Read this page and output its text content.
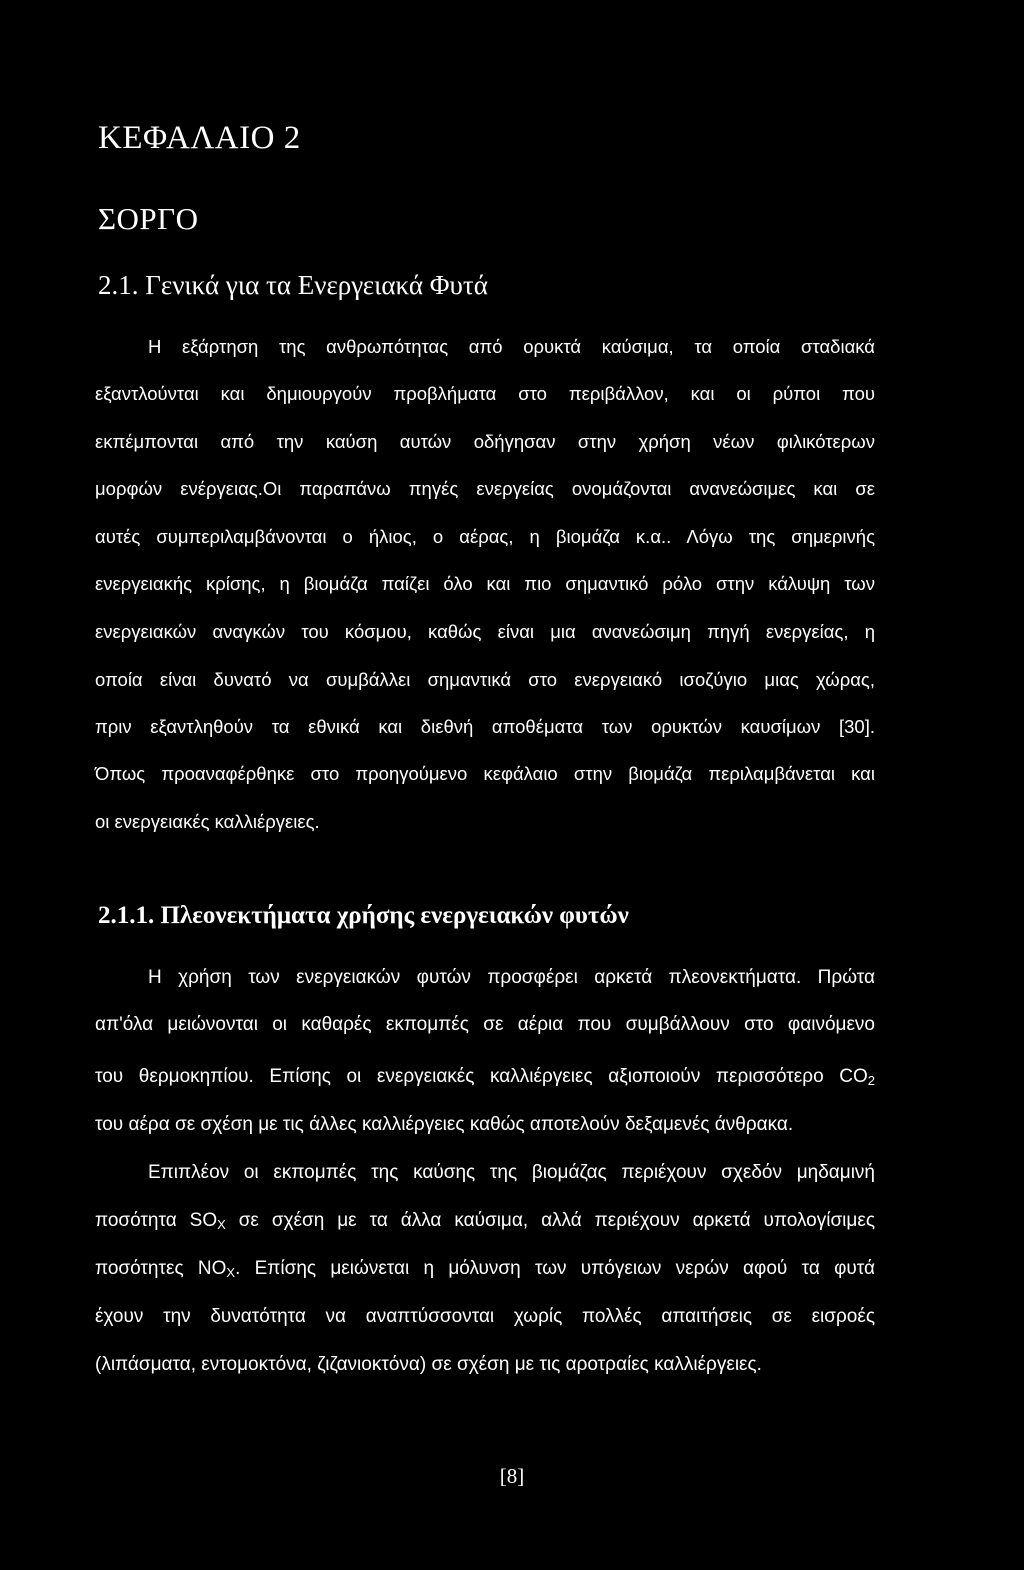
ΚΕΦΑΛΑΙΟ 2
ΣΟΡΓΟ
2.1. Γενικά για τα Ενεργειακά Φυτά
Η εξάρτηση της ανθρωπότητας από ορυκτά καύσιμα, τα οποία σταδιακά
εξαντλούνται και δημιουργούν προβλήματα στο περιβάλλον, και οι ρύποι που
εκπέμπονται από την καύση αυτών οδήγησαν στην χρήση νέων φιλικότερων
μορφών ενέργειας.Οι παραπάνω πηγές ενεργείας ονομάζονται ανανεώσιμες και σε
αυτές συμπεριλαμβάνονται ο ήλιος, ο αέρας, η βιομάζα κ.α.. Λόγω της σημερινής
ενεργειακής κρίσης, η βιομάζα παίζει όλο και πιο σημαντικό ρόλο στην κάλυψη των
ενεργειακών αναγκών του κόσμου, καθώς είναι μια ανανεώσιμη πηγή ενεργείας, η
οποία είναι δυνατό να συμβάλλει σημαντικά στο ενεργειακό ισοζύγιο μιας χώρας,
πριν εξαντληθούν τα εθνικά και διεθνή αποθέματα των ορυκτών καυσίμων [30].
Όπως προαναφέρθηκε στο προηγούμενο κεφάλαιο στην βιομάζα περιλαμβάνεται και
οι ενεργειακές καλλιέργειες.
2.1.1. Πλεονεκτήματα χρήσης ενεργειακών φυτών
Η χρήση των ενεργειακών φυτών προσφέρει αρκετά πλεονεκτήματα. Πρώτα
απ'όλα μειώνονται οι καθαρές εκπομπές σε αέρια που συμβάλλουν στο φαινόμενο
του θερμοκηπίου. Επίσης οι ενεργειακές καλλιέργειες αξιοποιούν περισσότερο $CO_2$
του αέρα σε σχέση με τις άλλες καλλιέργειες καθώς αποτελούν δεξαμενές άνθρακα.
Επιπλέον οι εκπομπές της καύσης της βιομάζας περιέχουν σχεδόν μηδαμινή
ποσότητα $SO_X$ σε σχέση με τα άλλα καύσιμα, αλλά περιέχουν αρκετά υπολογίσιμες
ποσότητες $NO_X$. Επίσης μειώνεται η μόλυνση των υπόγειων νερών αφού τα φυτά
έχουν την δυνατότητα να αναπτύσσονται χωρίς πολλές απαιτήσεις σε εισροές
(λιπάσματα, εντομοκτόνα, ζιζανιοκτόνα) σε σχέση με τις αροτραίες καλλιέργειες.
[8]
